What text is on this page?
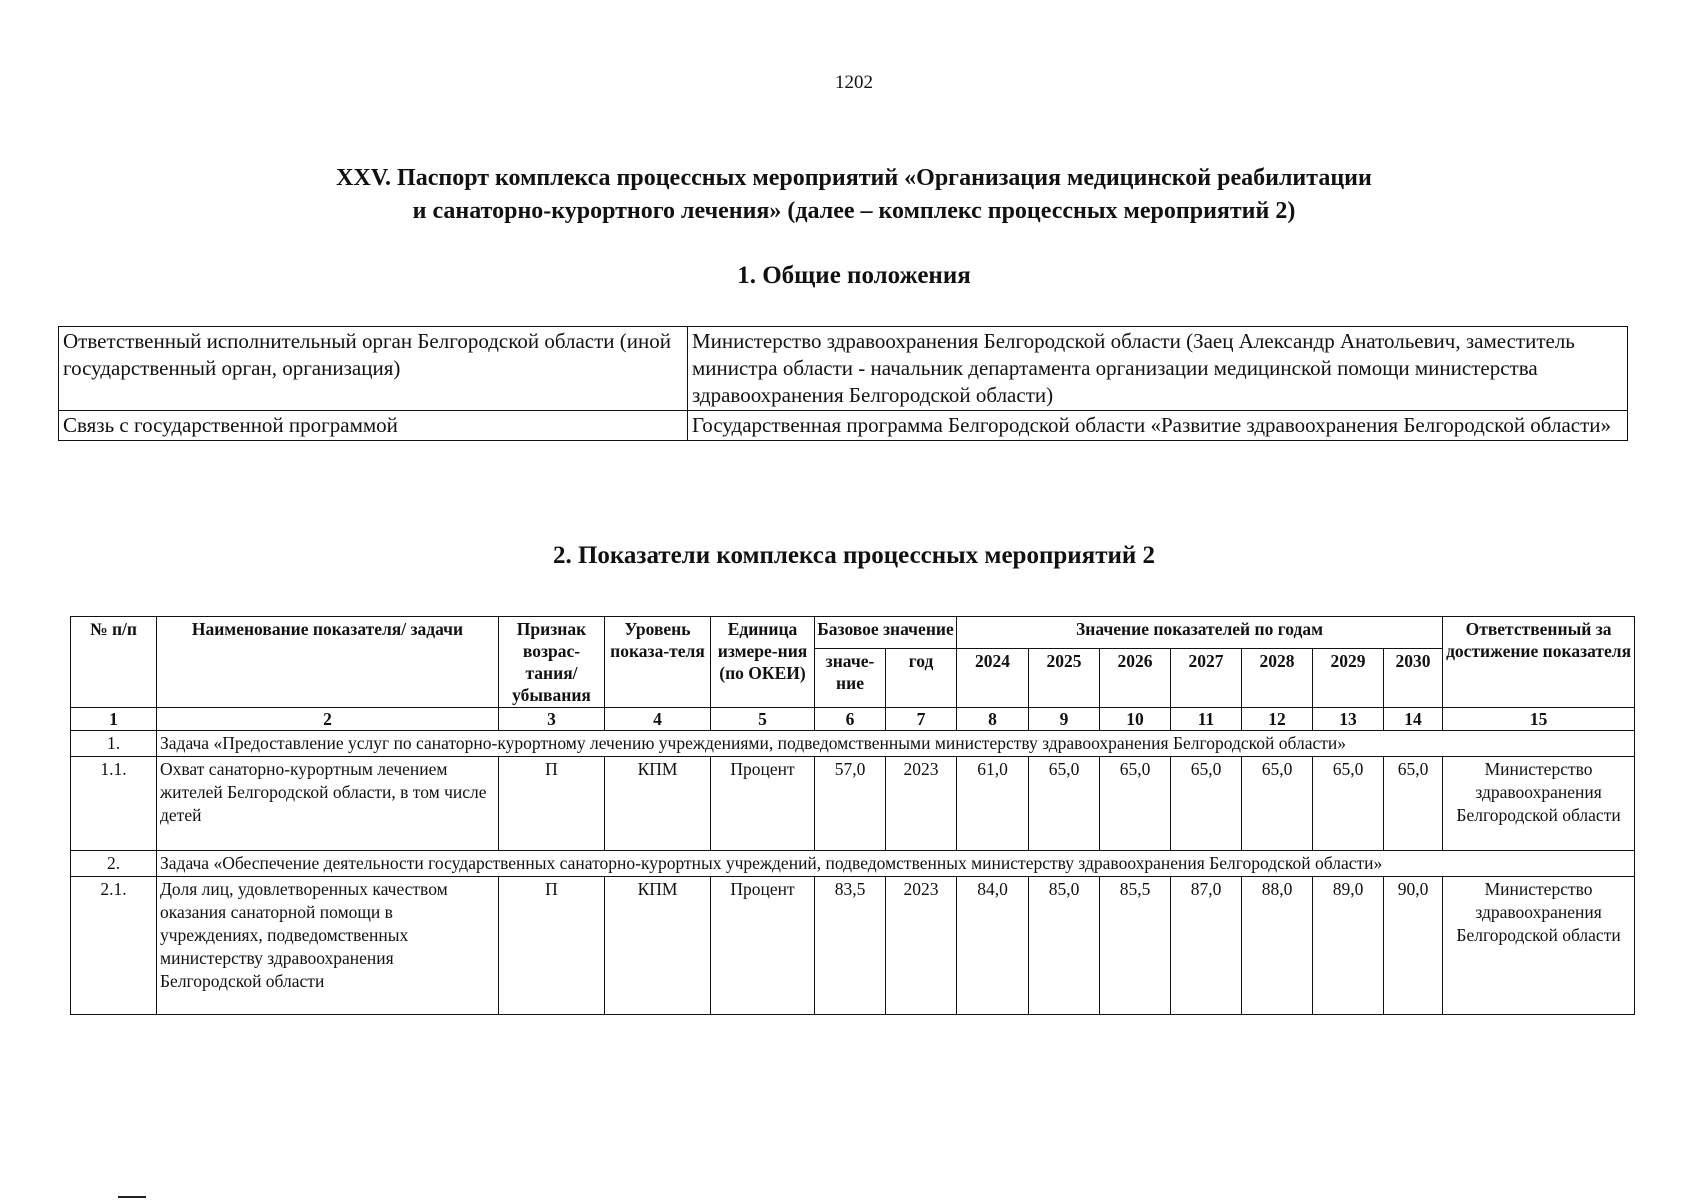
1202
XXV. Паспорт комплекса процессных мероприятий «Организация медицинской реабилитации
и санаторно-курортного лечения» (далее – комплекс процессных мероприятий 2)
1. Общие положения
Ответственный исполнительный орган Белгородской области (иной государственный орган, организация)	Министерство здравоохранения Белгородской области (Заец Александр Анатольевич, заместитель министра области - начальник департамента организации медицинской помощи министерства здравоохранения Белгородской области)
Связь с государственной программой	Государственная программа Белгородской области «Развитие здравоохранения Белгородской области»
2. Показатели комплекса процессных мероприятий 2
№ п/п	Наименование показателя/ задачи	Признак возрас-тания/ убывания	Уровень показа-теля	Единица измере-ния (по ОКЕИ)	Базовое значение		Значение показателей по годам							Ответственный за достижение показателя
					значе-ние	год	2024	2025	2026	2027	2028	2029	2030	
1	2	3	4	5	6	7	8	9	10	11	12	13	14	15
1.	Задача «Предоставление услуг по санаторно-курортному лечению учреждениями, подведомственными министерству здравоохранения Белгородской области»													
1.1.	Охват санаторно-курортным лечением жителей Белгородской области, в том числе детей	П	КПМ	Процент	57,0	2023	61,0	65,0	65,0	65,0	65,0	65,0	65,0	Министерство здравоохранения Белгородской области
2.	Задача «Обеспечение деятельности государственных санаторно-курортных учреждений, подведомственных министерству здравоохранения Белгородской области»													
2.1.	Доля лиц, удовлетворенных качеством оказания санаторной помощи в учреждениях, подведомственных министерству здравоохранения Белгородской области	П	КПМ	Процент	83,5	2023	84,0	85,0	85,5	87,0	88,0	89,0	90,0	Министерство здравоохранения Белгородской области
